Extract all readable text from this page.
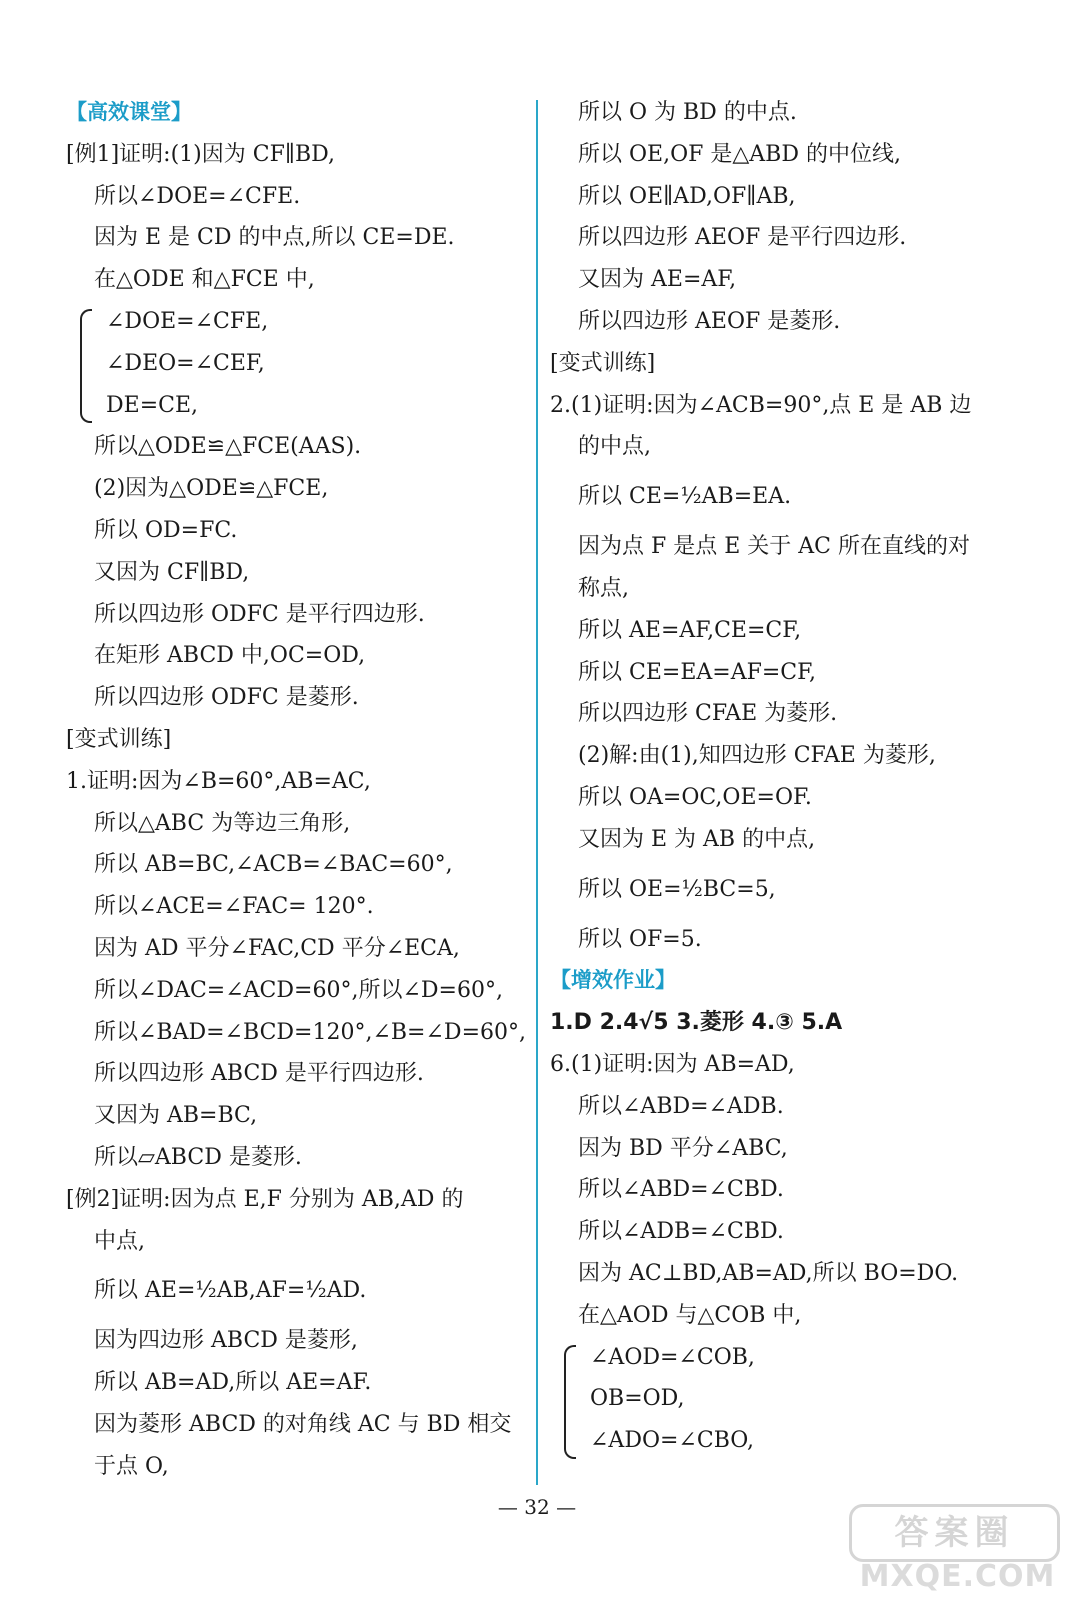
【高效课堂】
[例1]证明:(1)因为 CF∥BD,
所以∠DOE=∠CFE.
因为 E 是 CD 的中点,所以 CE=DE.
在△ODE 和△FCE 中,
∠DOE=∠CFE,
∠DEO=∠CEF,
DE=CE,
所以△ODE≌△FCE(AAS).
(2)因为△ODE≌△FCE,
所以 OD=FC.
又因为 CF∥BD,
所以四边形 ODFC 是平行四边形.
在矩形 ABCD 中,OC=OD,
所以四边形 ODFC 是菱形.
[变式训练]
1.证明:因为∠B=60°,AB=AC,
所以△ABC 为等边三角形,
所以 AB=BC,∠ACB=∠BAC=60°,
所以∠ACE=∠FAC= 120°.
因为 AD 平分∠FAC,CD 平分∠ECA,
所以∠DAC=∠ACD=60°,所以∠D=60°,
所以∠BAD=∠BCD=120°,∠B=∠D=60°,
所以四边形 ABCD 是平行四边形.
又因为 AB=BC,
所以▱ABCD 是菱形.
[例2]证明:因为点 E,F 分别为 AB,AD 的
中点,
所以 AE=½AB,AF=½AD.
因为四边形 ABCD 是菱形,
所以 AB=AD,所以 AE=AF.
因为菱形 ABCD 的对角线 AC 与 BD 相交
于点 O,
所以 O 为 BD 的中点.
所以 OE,OF 是△ABD 的中位线,
所以 OE∥AD,OF∥AB,
所以四边形 AEOF 是平行四边形.
又因为 AE=AF,
所以四边形 AEOF 是菱形.
[变式训练]
2.(1)证明:因为∠ACB=90°,点 E 是 AB 边
的中点,
所以 CE=½AB=EA.
因为点 F 是点 E 关于 AC 所在直线的对
称点,
所以 AE=AF,CE=CF,
所以 CE=EA=AF=CF,
所以四边形 CFAE 为菱形.
(2)解:由(1),知四边形 CFAE 为菱形,
所以 OA=OC,OE=OF.
又因为 E 为 AB 的中点,
所以 OE=½BC=5,
所以 OF=5.
【增效作业】
1.D 2.4√5 3.菱形 4.③ 5.A
6.(1)证明:因为 AB=AD,
所以∠ABD=∠ADB.
因为 BD 平分∠ABC,
所以∠ABD=∠CBD.
所以∠ADB=∠CBD.
因为 AC⊥BD,AB=AD,所以 BO=DO.
在△AOD 与△COB 中,
∠AOD=∠COB,
OB=OD,
∠ADO=∠CBO,
— 32 —
答案圈
MXQE.COM
